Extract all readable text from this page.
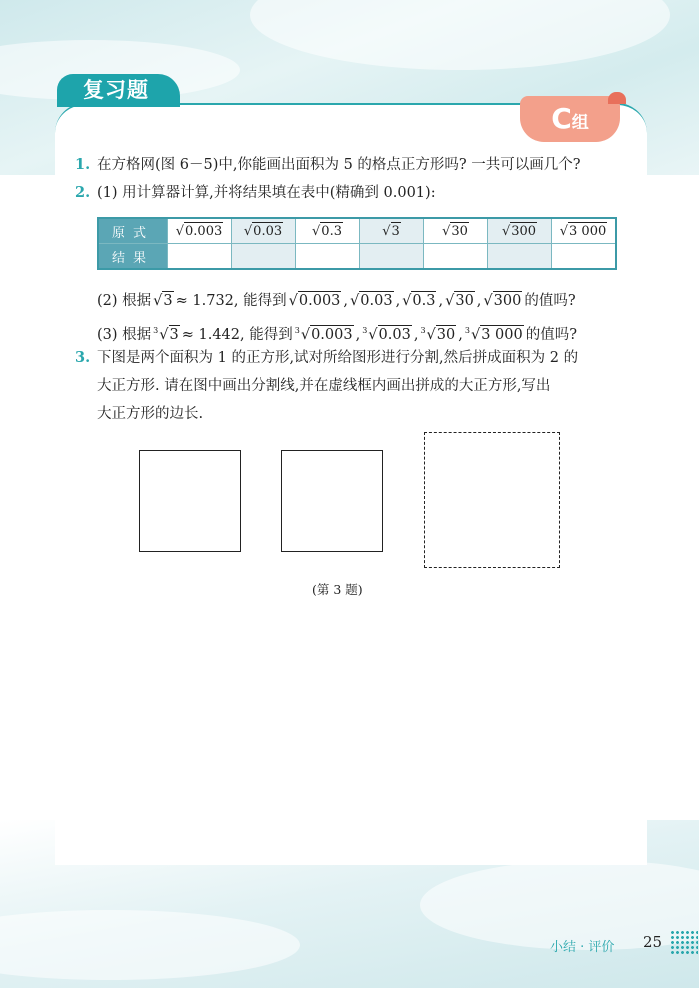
复习题
C组
1. 在方格网(图 6－5)中,你能画出面积为 5 的格点正方形吗? 一共可以画几个?
2. (1) 用计算器计算,并将结果填在表中(精确到 0.001):
原式	√0.003	√0.03	√0.3	√3	√30	√300	√3 000
结果							
(2) 根据 √3 ≈ 1.732, 能得到 √0.003 , √0.03 , √0.3 , √30 , √300 的值吗?
(3) 根据 $^3$√3 ≈ 1.442, 能得到 $^3$√0.003 , $^3$√0.03 , $^3$√30 , $^3$√3 000 的值吗?
3. 下图是两个面积为 1 的正方形,试对所给图形进行分割,然后拼成面积为 2 的
大正方形. 请在图中画出分割线,并在虚线框内画出拼成的大正方形,写出
大正方形的边长.
(第 3 题)
小结 · 评价 25
